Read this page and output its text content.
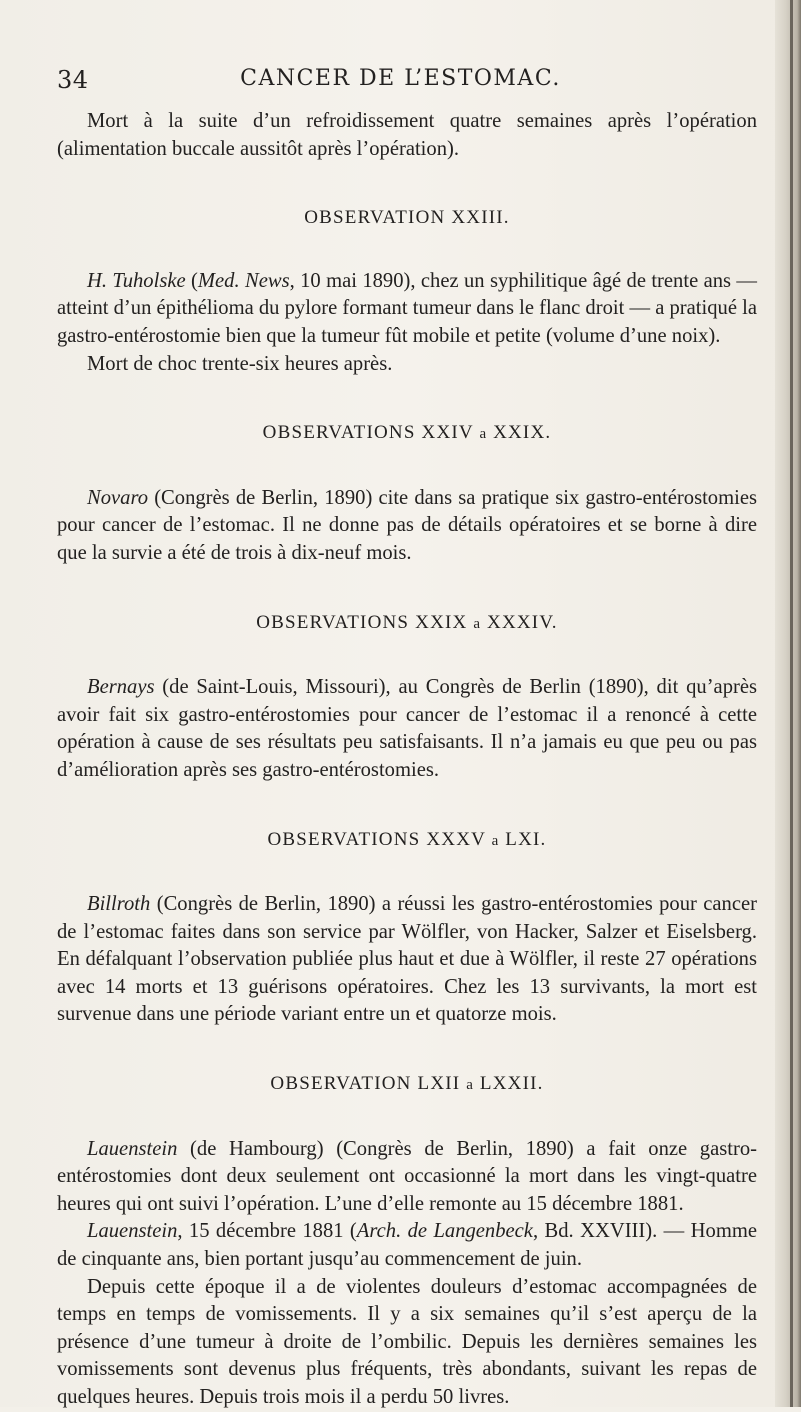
34	CANCER DE L’ESTOMAC.

Mort à la suite d’un refroidissement quatre semaines après l’opération (alimentation buccale aussitôt après l’opération).

OBSERVATION XXIII.

H. Tuholske (Med. News, 10 mai 1890), chez un syphilitique âgé de trente ans — atteint d’un épithélioma du pylore formant tumeur dans le flanc droit — a pratiqué la gastro-entérostomie bien que la tumeur fût mobile et petite (volume d’une noix).

Mort de choc trente-six heures après.

OBSERVATIONS XXIV a XXIX.

Novaro (Congrès de Berlin, 1890) cite dans sa pratique six gastro-entérostomies pour cancer de l’estomac. Il ne donne pas de détails opératoires et se borne à dire que la survie a été de trois à dix-neuf mois.

OBSERVATIONS XXIX a XXXIV.

Bernays (de Saint-Louis, Missouri), au Congrès de Berlin (1890), dit qu’après avoir fait six gastro-entérostomies pour cancer de l’estomac il a renoncé à cette opération à cause de ses résultats peu satisfaisants. Il n’a jamais eu que peu ou pas d’amélioration après ses gastro-entérostomies.

OBSERVATIONS XXXV a LXI.

Billroth (Congrès de Berlin, 1890) a réussi les gastro-entérostomies pour cancer de l’estomac faites dans son service par Wölfler, von Hacker, Salzer et Eiselsberg. En défalquant l’observation publiée plus haut et due à Wölfler, il reste 27 opérations avec 14 morts et 13 guérisons opératoires. Chez les 13 survivants, la mort est survenue dans une période variant entre un et quatorze mois.

OBSERVATION LXII a LXXII.

Lauenstein (de Hambourg) (Congrès de Berlin, 1890) a fait onze gastro-entérostomies dont deux seulement ont occasionné la mort dans les vingt-quatre heures qui ont suivi l’opération. L’une d’elle remonte au 15 décembre 1881.

Lauenstein, 15 décembre 1881 (Arch. de Langenbeck, Bd. XXVIII). — Homme de cinquante ans, bien portant jusqu’au commencement de juin.

Depuis cette époque il a de violentes douleurs d’estomac accompagnées de temps en temps de vomissements. Il y a six semaines qu’il s’est aperçu de la présence d’une tumeur à droite de l’ombilic. Depuis les dernières semaines les vomissements sont devenus plus fréquents, très abondants, suivant les repas de quelques heures. Depuis trois mois il a perdu 50 livres.
